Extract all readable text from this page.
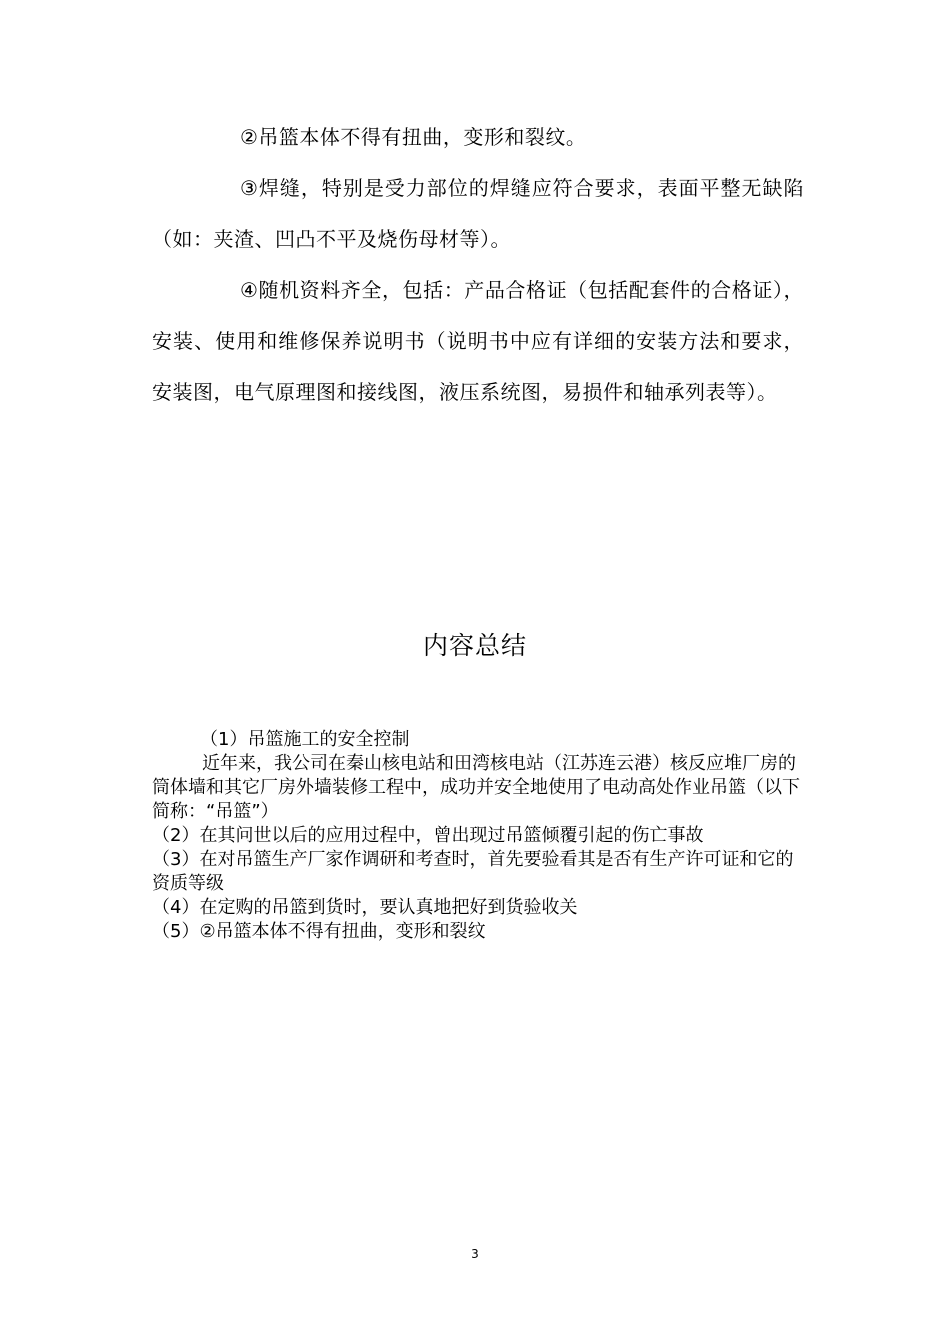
②吊篮本体不得有扭曲，变形和裂纹。

③焊缝，特别是受力部位的焊缝应符合要求，表面平整无缺陷（如：夹渣、凹凸不平及烧伤母材等）。

④随机资料齐全，包括：产品合格证（包括配套件的合格证），安装、使用和维修保养说明书（说明书中应有详细的安装方法和要求，安装图，电气原理图和接线图，液压系统图，易损件和轴承列表等）。

内容总结

（1）吊篮施工的安全控制

近年来，我公司在秦山核电站和田湾核电站（江苏连云港）核反应堆厂房的筒体墙和其它厂房外墙装修工程中，成功并安全地使用了电动高处作业吊篮（以下简称：“吊篮”）

（2）在其问世以后的应用过程中，曾出现过吊篮倾覆引起的伤亡事故

（3）在对吊篮生产厂家作调研和考查时，首先要验看其是否有生产许可证和它的资质等级

（4）在定购的吊篮到货时，要认真地把好到货验收关

（5）②吊篮本体不得有扭曲，变形和裂纹

3
